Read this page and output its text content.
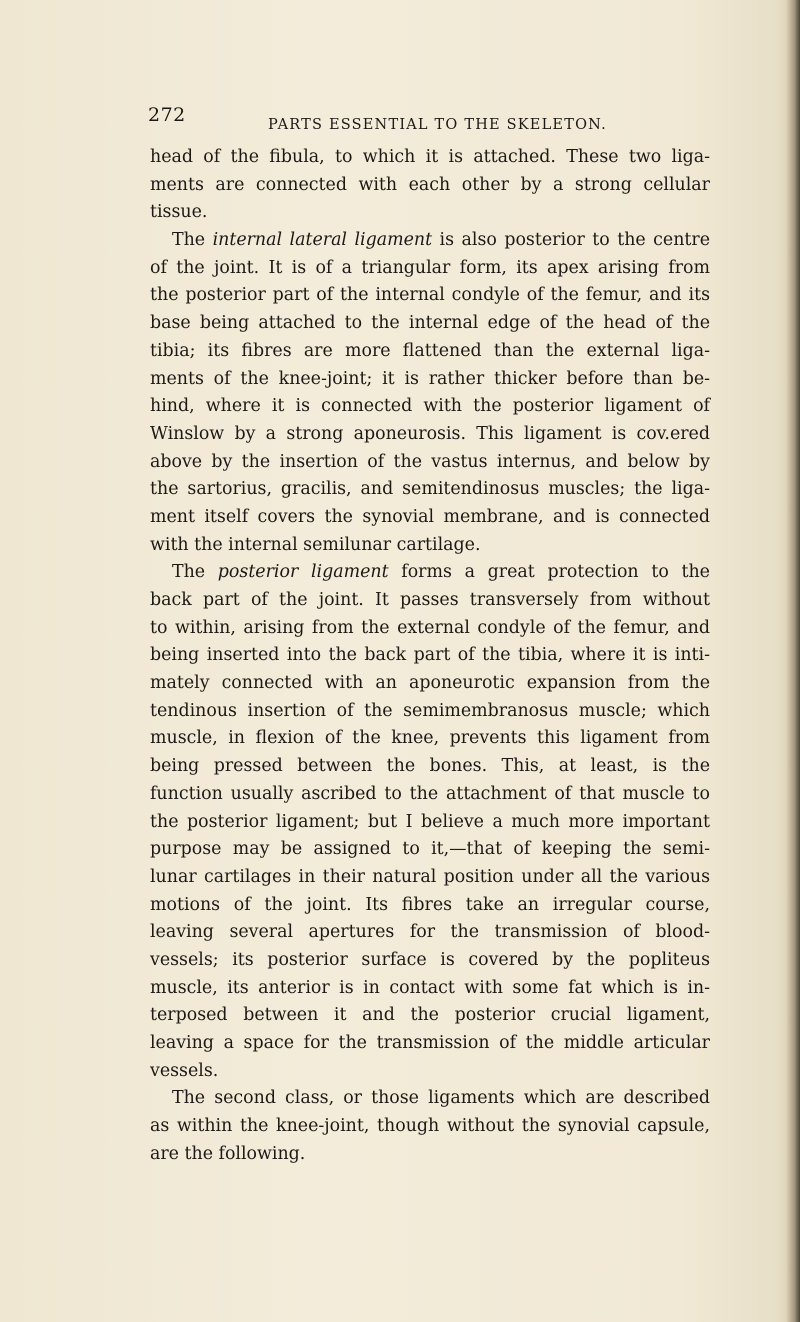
272	PARTS ESSENTIAL TO THE SKELETON.
head of the fibula, to which it is attached. These two liga-
ments are connected with each other by a strong cellular
tissue.
The internal lateral ligament is also posterior to the centre
of the joint. It is of a triangular form, its apex arising from
the posterior part of the internal condyle of the femur, and its
base being attached to the internal edge of the head of the
tibia; its fibres are more flattened than the external liga-
ments of the knee-joint; it is rather thicker before than be-
hind, where it is connected with the posterior ligament of
Winslow by a strong aponeurosis. This ligament is cov.ered
above by the insertion of the vastus internus, and below by
the sartorius, gracilis, and semitendinosus muscles; the liga-
ment itself covers the synovial membrane, and is connected
with the internal semilunar cartilage.
The posterior ligament forms a great protection to the
back part of the joint. It passes transversely from without
to within, arising from the external condyle of the femur, and
being inserted into the back part of the tibia, where it is inti-
mately connected with an aponeurotic expansion from the
tendinous insertion of the semimembranosus muscle; which
muscle, in flexion of the knee, prevents this ligament from
being pressed between the bones. This, at least, is the
function usually ascribed to the attachment of that muscle to
the posterior ligament; but I believe a much more important
purpose may be assigned to it,—that of keeping the semi-
lunar cartilages in their natural position under all the various
motions of the joint. Its fibres take an irregular course,
leaving several apertures for the transmission of blood-
vessels; its posterior surface is covered by the popliteus
muscle, its anterior is in contact with some fat which is in-
terposed between it and the posterior crucial ligament,
leaving a space for the transmission of the middle articular
vessels.
The second class, or those ligaments which are described
as within the knee-joint, though without the synovial capsule,
are the following.
